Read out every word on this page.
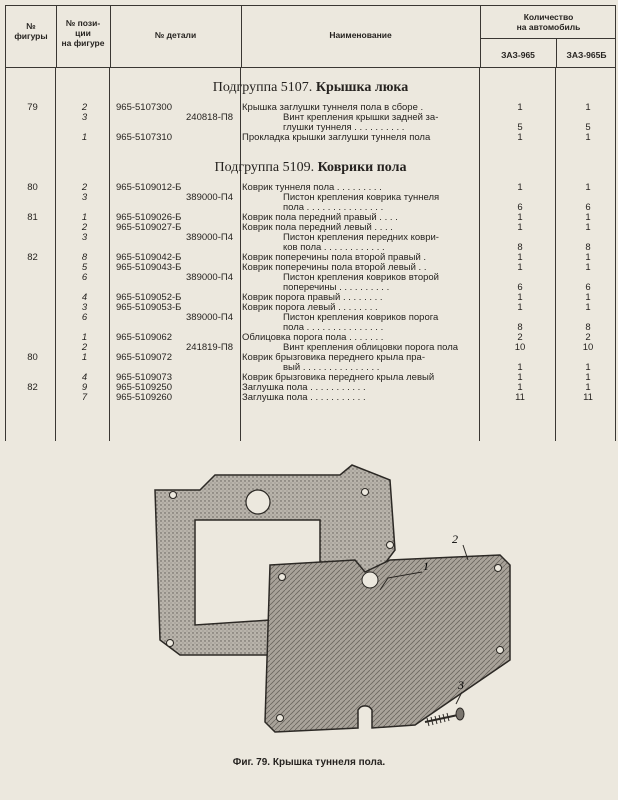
№
фигуры
№ пози-
ции
на фигуре
№ детали	Наименование
Количество
на автомобиль
ЗАЗ-965	ЗАЗ-965Б
Подгруппа 5107. Крышка люка
79	2	965-5107300	Крышка заглушки туннеля пола в сборе .	1	1
3	240818-П8	Винт крепления крышки задней за-
глушки туннеля . . . . . . . . . .	5	5
1	965-5107310	Прокладка крышки заглушки туннеля пола	1	1
Подгруппа 5109. Коврики пола
80	2	965-5109012-Б	Коврик туннеля пола . . . . . . . . .	1	1
3	389000-П4	Пистон крепления коврика туннеля
пола . . . . . . . . . . . . . . .	6	6
81	1	965-5109026-Б	Коврик пола передний правый . . . .	1	1
2	965-5109027-Б	Коврик пола передний левый . . . .	1	1
3	389000-П4	Пистон крепления передних коври-
ков пола . . . . . . . . . . . .	8	8
82	8	965-5109042-Б	Коврик поперечины пола второй правый .	1	1
5	965-5109043-Б	Коврик поперечины пола второй левый . .	1	1
6	389000-П4	Пистон крепления ковриков второй
поперечины . . . . . . . . . .	6	6
4	965-5109052-Б	Коврик порога правый . . . . . . . .	1	1
3	965-5109053-Б	Коврик порога левый . . . . . . . .	1	1
6	389000-П4	Пистон крепления ковриков порога
пола . . . . . . . . . . . . . . .	8	8
1	965-5109062	Облицовка порога пола . . . . . . .	2	2
2	241819-П8	Винт крепления облицовки порога пола	10	10
80	1	965-5109072	Коврик брызговика переднего крыла пра-
вый . . . . . . . . . . . . . . .	1	1
4	965-5109073	Коврик брызговика переднего крыла левый	1	1
82	9	965-5109250	Заглушка пола . . . . . . . . . . .	1	1
7	965-5109260	Заглушка пола . . . . . . . . . . .	11	11
1
2
3
Фиг. 79. Крышка туннеля пола.
